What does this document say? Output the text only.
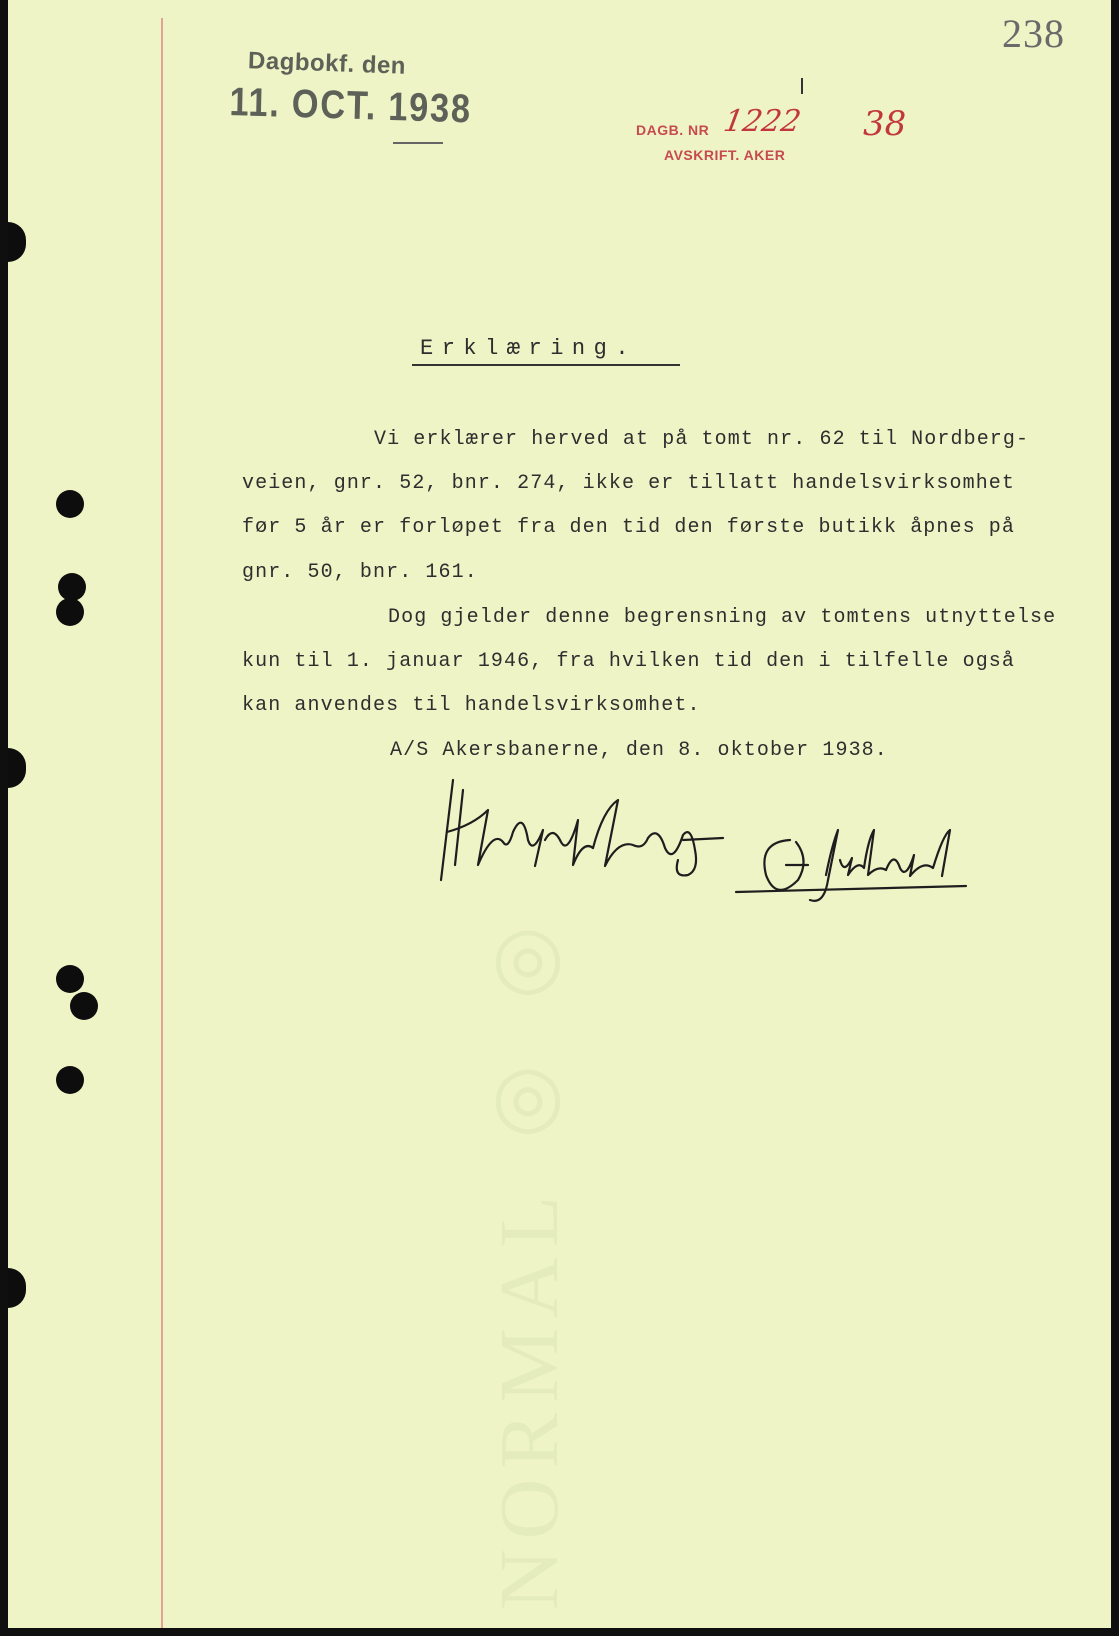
NORMAL ◎ ◎
238
Dagbokf. den
11. OCT. 1938	DAGB. NR 1222 38
AVSKRIFT. AKER
Erklæring.
Vi erklærer herved at på tomt nr. 62 til Nordberg-
veien, gnr. 52, bnr. 274, ikke er tillatt handelsvirksomhet
før 5 år er forløpet fra den tid den første butikk åpnes på
gnr. 50, bnr. 161.
Dog gjelder denne begrensning av tomtens utnyttelse
kun til 1. januar 1946, fra hvilken tid den i tilfelle også
kan anvendes til handelsvirksomhet.
A/S Akersbanerne, den 8. oktober 1938.
